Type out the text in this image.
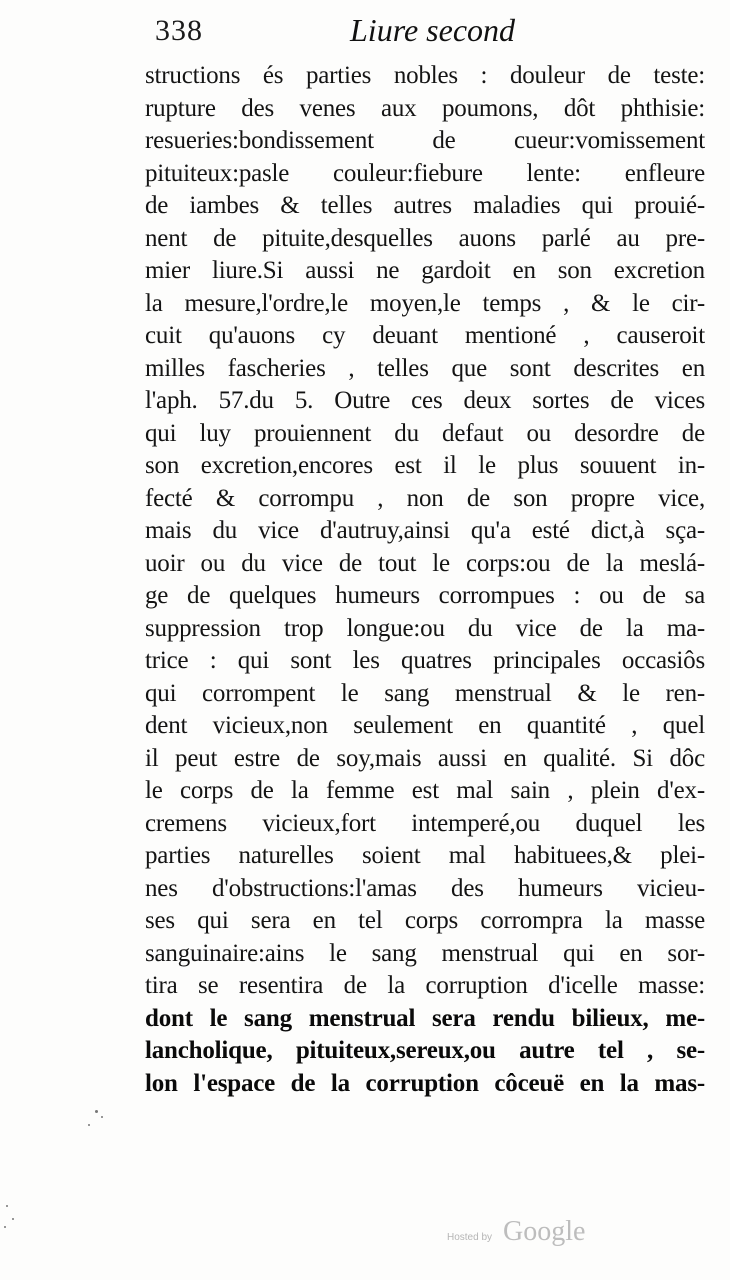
338	Liure second
structions és parties nobles : douleur de teste:
rupture des venes aux poumons, dôt phthisie:
resueries:bondissement de cueur:vomissement
pituiteux:pasle couleur:fiebure lente: enfleure
de iambes & telles autres maladies qui prouié-
nent de pituite,desquelles auons parlé au pre-
mier liure.Si aussi ne gardoit en son excretion
la mesure,l'ordre,le moyen,le temps , & le cir-
cuit qu'auons cy deuant mentioné , causeroit
milles fascheries , telles que sont descrites en
l'aph. 57.du 5. Outre ces deux sortes de vices
qui luy prouiennent du defaut ou desordre de
son excretion,encores est il le plus souuent in-
fecté & corrompu , non de son propre vice,
mais du vice d'autruy,ainsi qu'a esté dict,à sça-
uoir ou du vice de tout le corps:ou de la meslá-
ge de quelques humeurs corrompues : ou de sa
suppression trop longue:ou du vice de la ma-
trice : qui sont les quatres principales occasiôs
qui corrompent le sang menstrual & le ren-
dent vicieux,non seulement en quantité , quel
il peut estre de soy,mais aussi en qualité. Si dôc
le corps de la femme est mal sain , plein d'ex-
cremens vicieux,fort intemperé,ou duquel les
parties naturelles soient mal habituees,& plei-
nes d'obstructions:l'amas des humeurs vicieu-
ses qui sera en tel corps corrompra la masse
sanguinaire:ains le sang menstrual qui en sor-
tira se resentira de la corruption d'icelle masse:
dont le sang menstrual sera rendu bilieux, me-
lancholique, pituiteux,sereux,ou autre tel , se-
lon l'espace de la corruption côceuë en la mas-
Hosted by Google
